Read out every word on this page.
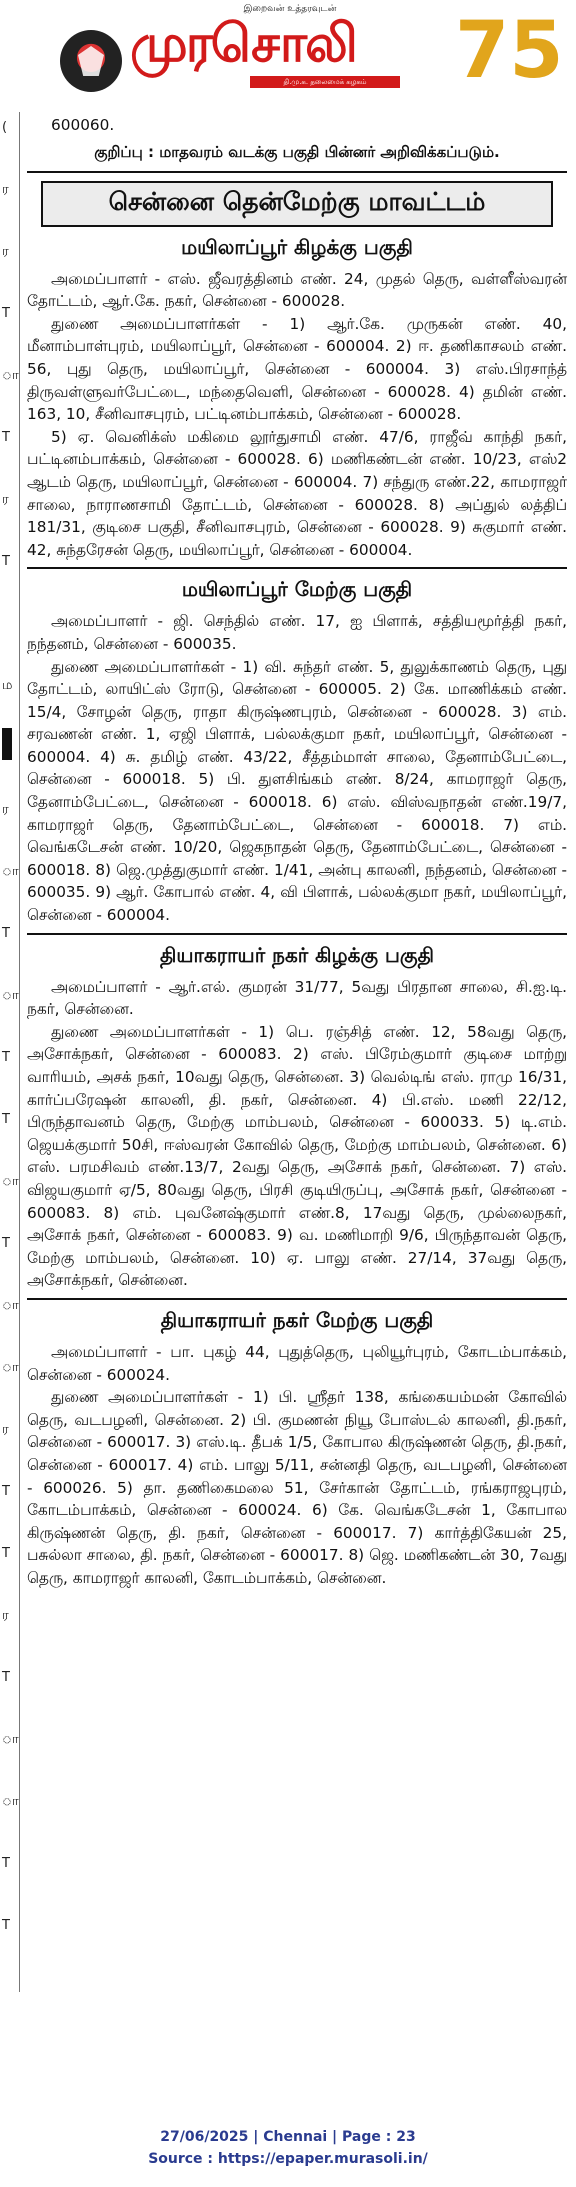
இறைவன் உத்தரவுடன்
முரசொலி
தி.மு.க. தலைமைக் கழகம்	75
(
ர
ர
T
ா
T
ர
T
ம
ர
ா
T
ா
T
T
ா
T
ா
ா
ர
T
T
ர
T
ா
ா
T
T

600060.

குறிப்பு : மாதவரம் வடக்கு பகுதி பின்னர் அறிவிக்கப்படும்.
சென்னை தென்மேற்கு மாவட்டம்
மயிலாப்பூர் கிழக்கு பகுதி

அமைப்பாளர் - எஸ். ஜீவரத்தினம் எண். 24, முதல் தெரு, வள்ளீஸ்வரன் தோட்டம், ஆர்.கே. நகர், சென்னை - 600028.

துணை அமைப்பாளர்கள் - 1) ஆர்.கே. முருகன் எண். 40, மீனாம்பாள்புரம், மயிலாப்பூர், சென்னை - 600004. 2) ஈ. தணிகாசலம் எண். 56, புது தெரு, மயிலாப்பூர், சென்னை - 600004. 3) எஸ்.பிரசாந்த் திருவள்ளுவர்பேட்டை, மந்தைவெளி, சென்னை - 600028. 4) தமின் எண். 163, 10, சீனிவாசபுரம், பட்டினம்பாக்கம், சென்னை - 600028.

5) ஏ. வெனிக்ஸ் மகிமை லூர்துசாமி எண். 47/6, ராஜீவ் காந்தி நகர், பட்டினம்பாக்கம், சென்னை - 600028. 6) மணிகண்டன் எண். 10/23, எஸ்2 ஆடம் தெரு, மயிலாப்பூர், சென்னை - 600004. 7) சந்துரு எண்.22, காமராஜர் சாலை, நாராணசாமி தோட்டம், சென்னை - 600028. 8) அப்துல் லத்திப் 181/31, குடிசை பகுதி, சீனிவாசபுரம், சென்னை - 600028. 9) சுகுமார் எண். 42, சுந்தரேசன் தெரு, மயிலாப்பூர், சென்னை - 600004.

மயிலாப்பூர் மேற்கு பகுதி

அமைப்பாளர் - ஜி. செந்தில் எண். 17, ஐ பிளாக், சத்தியமூர்த்தி நகர், நந்தனம், சென்னை - 600035.

துணை அமைப்பாளர்கள் - 1) வி. சுந்தர் எண். 5, துலுக்காணம் தெரு, புது தோட்டம், லாயிட்ஸ் ரோடு, சென்னை - 600005. 2) கே. மாணிக்கம் எண். 15/4, சோழன் தெரு, ராதா கிருஷ்ணபுரம், சென்னை - 600028. 3) எம். சரவணன் எண். 1, ஏஜி பிளாக், பல்லக்குமா நகர், மயிலாப்பூர், சென்னை - 600004. 4) சு. தமிழ் எண். 43/22, சீத்தம்மாள் சாலை, தேனாம்பேட்டை, சென்னை - 600018. 5) பி. துளசிங்கம் எண். 8/24, காமராஜர் தெரு, தேனாம்பேட்டை, சென்னை - 600018. 6) எஸ். விஸ்வநாதன் எண்.19/7, காமராஜர் தெரு, தேனாம்பேட்டை, சென்னை - 600018. 7) எம். வெங்கடேசன் எண். 10/20, ஜெகநாதன் தெரு, தேனாம்பேட்டை, சென்னை - 600018. 8) ஜெ.முத்துகுமார் எண். 1/41, அன்பு காலனி, நந்தனம், சென்னை - 600035. 9) ஆர். கோபால் எண். 4, வி பிளாக், பல்லக்குமா நகர், மயிலாப்பூர், சென்னை - 600004.

தியாகராயர் நகர் கிழக்கு பகுதி

அமைப்பாளர் - ஆர்.எல். குமரன் 31/77, 5வது பிரதான சாலை, சி.ஐ.டி. நகர், சென்னை.

துணை அமைப்பாளர்கள் - 1) பெ. ரஞ்சித் எண். 12, 58வது தெரு, அசோக்நகர், சென்னை - 600083. 2) எஸ். பிரேம்குமார் குடிசை மாற்று வாரியம், அசக் நகர், 10வது தெரு, சென்னை. 3) வெல்டிங் எஸ். ராமு 16/31, கார்ப்பரேஷன் காலனி, தி. நகர், சென்னை. 4) பி.எஸ். மணி 22/12, பிருந்தாவனம் தெரு, மேற்கு மாம்பலம், சென்னை - 600033. 5) டி.எம். ஜெயக்குமார் 50சி, ஈஸ்வரன் கோவில் தெரு, மேற்கு மாம்பலம், சென்னை. 6) எஸ். பரமசிவம் எண்.13/7, 2வது தெரு, அசோக் நகர், சென்னை. 7) எஸ். விஜயகுமார் ஏ/5, 80வது தெரு, பிரசி குடியிருப்பு, அசோக் நகர், சென்னை - 600083. 8) எம். புவனேஷ்குமார் எண்.8, 17வது தெரு, முல்லைநகர், அசோக் நகர், சென்னை - 600083. 9) வ. மணிமாறி 9/6, பிருந்தாவன் தெரு, மேற்கு மாம்பலம், சென்னை. 10) ஏ. பாலு எண். 27/14, 37வது தெரு, அசோக்நகர், சென்னை.

தியாகராயர் நகர் மேற்கு பகுதி

அமைப்பாளர் - பா. புகழ் 44, புதுத்தெரு, புலியூர்புரம், கோடம்பாக்கம், சென்னை - 600024.

துணை அமைப்பாளர்கள் - 1) பி. ஸ்ரீதர் 138, கங்கையம்மன் கோவில் தெரு, வடபழனி, சென்னை. 2) பி. குமணன் நியூ போஸ்டல் காலனி, தி.நகர், சென்னை - 600017. 3) எஸ்.டி. தீபக் 1/5, கோபால கிருஷ்ணன் தெரு, தி.நகர், சென்னை - 600017. 4) எம். பாலு 5/11, சன்னதி தெரு, வடபழனி, சென்னை - 600026. 5) தா. தணிகைமலை 51, சேர்கான் தோட்டம், ரங்கராஜபுரம், கோடம்பாக்கம், சென்னை - 600024. 6) கே. வெங்கடேசன் 1, கோபால கிருஷ்ணன் தெரு, தி. நகர், சென்னை - 600017. 7) கார்த்திகேயன் 25, பசுல்லா சாலை, தி. நகர், சென்னை - 600017. 8) ஜெ. மணிகண்டன் 30, 7வது தெரு, காமராஜர் காலனி, கோடம்பாக்கம், சென்னை.

27/06/2025 | Chennai | Page : 23
Source : https://epaper.murasoli.in/
